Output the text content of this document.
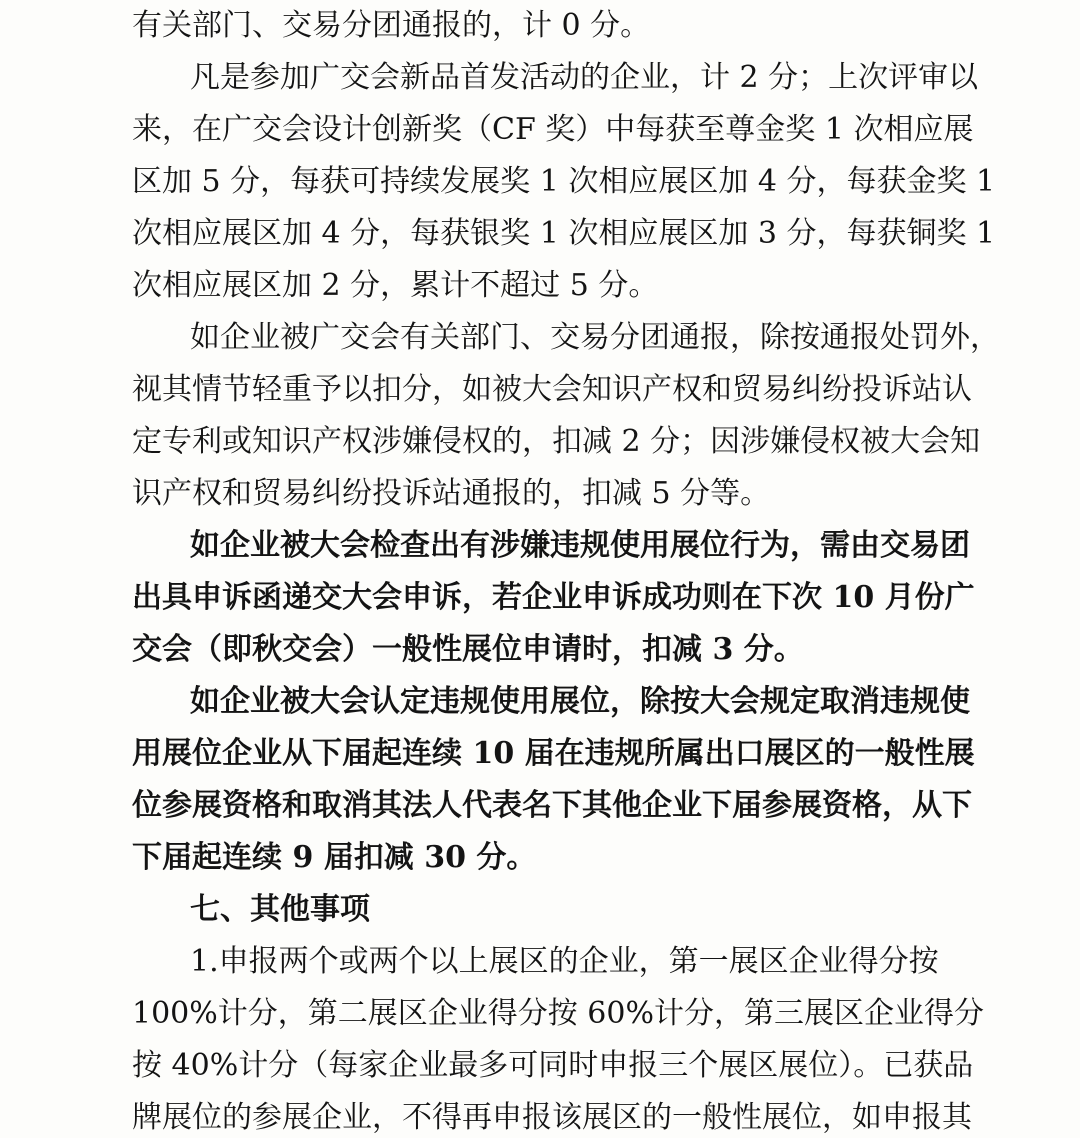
有关部门、交易分团通报的，计 0 分。
凡是参加广交会新品首发活动的企业，计 2 分；上次评审以
来，在广交会设计创新奖（CF 奖）中每获至尊金奖 1 次相应展
区加 5 分，每获可持续发展奖 1 次相应展区加 4 分，每获金奖 1
次相应展区加 4 分，每获银奖 1 次相应展区加 3 分，每获铜奖 1
次相应展区加 2 分，累计不超过 5 分。
如企业被广交会有关部门、交易分团通报，除按通报处罚外，
视其情节轻重予以扣分，如被大会知识产权和贸易纠纷投诉站认
定专利或知识产权涉嫌侵权的，扣减 2 分；因涉嫌侵权被大会知
识产权和贸易纠纷投诉站通报的，扣减 5 分等。
如企业被大会检查出有涉嫌违规使用展位行为，需由交易团
出具申诉函递交大会申诉，若企业申诉成功则在下次 10 月份广
交会（即秋交会）一般性展位申请时，扣减 3 分。
如企业被大会认定违规使用展位，除按大会规定取消违规使
用展位企业从下届起连续 10 届在违规所属出口展区的一般性展
位参展资格和取消其法人代表名下其他企业下届参展资格，从下
下届起连续 9 届扣减 30 分。
七、其他事项
1.申报两个或两个以上展区的企业，第一展区企业得分按
100%计分，第二展区企业得分按 60%计分，第三展区企业得分
按 40%计分（每家企业最多可同时申报三个展区展位）。已获品
牌展位的参展企业，不得再申报该展区的一般性展位，如申报其
